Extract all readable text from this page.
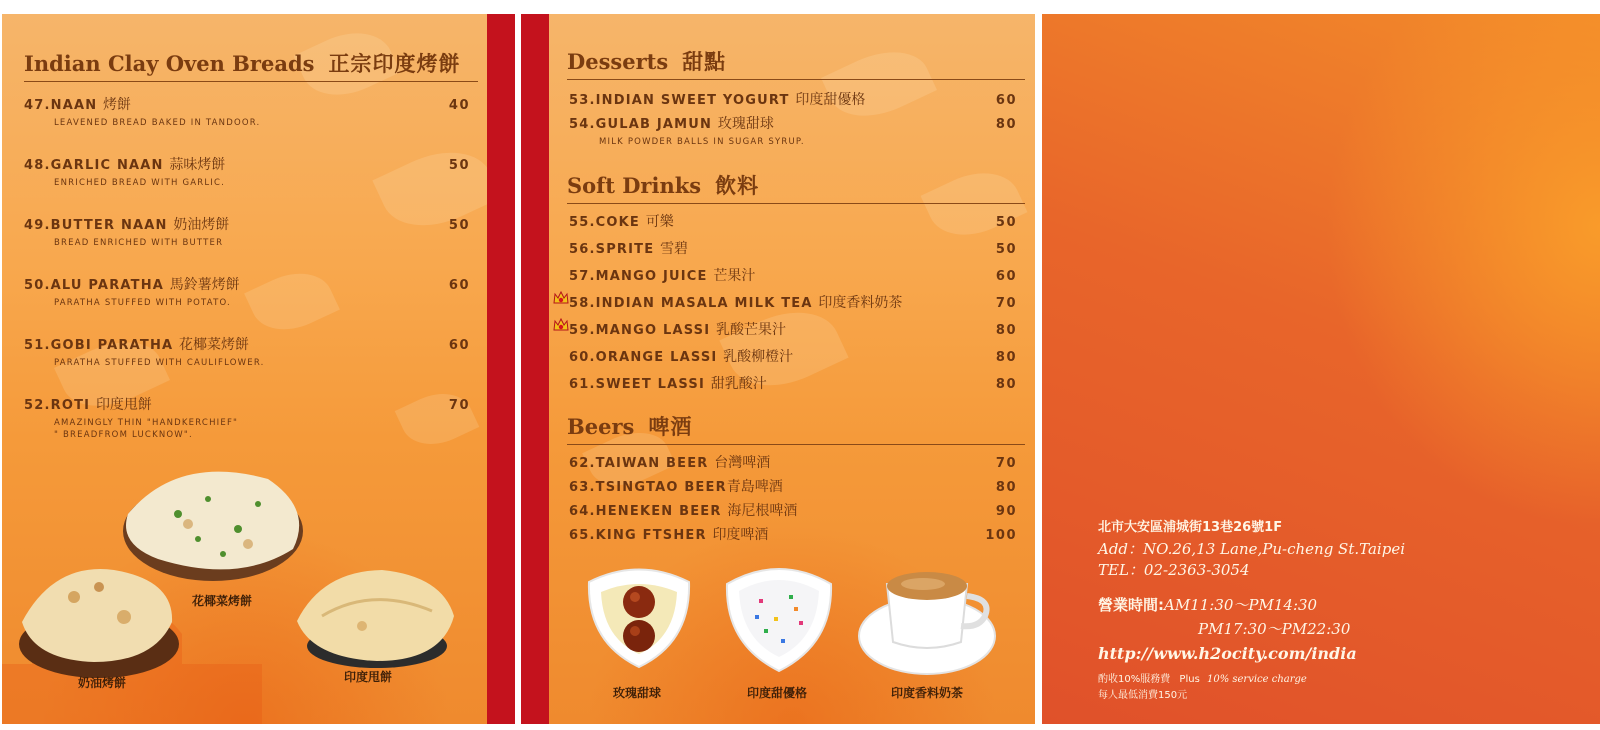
Indian Clay Oven Breads 正宗印度烤餅
47.NAAN 烤餅	40
LEAVENED BREAD BAKED IN TANDOOR.
48.GARLIC NAAN 蒜味烤餅	50
ENRICHED BREAD WITH GARLIC.
49.BUTTER NAAN 奶油烤餅	50
BREAD ENRICHED WITH BUTTER
50.ALU PARATHA 馬鈴薯烤餅	60
PARATHA STUFFED WITH POTATO.
51.GOBI PARATHA 花椰菜烤餅	60
PARATHA STUFFED WITH CAULIFLOWER.
52.ROTI 印度甩餅	70
AMAZINGLY THIN "HANDKERCHIEF"
" BREADFROM LUCKNOW".
花椰菜烤餅
奶油烤餅	印度甩餅
Desserts 甜點
53.INDIAN SWEET YOGURT 印度甜優格	60
54.GULAB JAMUN 玫瑰甜球	80
MILK POWDER BALLS IN SUGAR SYRUP.
Soft Drinks 飲料
55.COKE 可樂	50
56.SPRITE 雪碧	50
57.MANGO JUICE 芒果汁	60
58.INDIAN MASALA MILK TEA 印度香料奶茶	70
59.MANGO LASSI 乳酸芒果汁	80
60.ORANGE LASSI 乳酸柳橙汁	80
61.SWEET LASSI 甜乳酸汁	80
Beers 啤酒
62.TAIWAN BEER 台灣啤酒	70
63.TSINGTAO BEER青島啤酒	80
64.HENEKEN BEER 海尼根啤酒	90
65.KING FTSHER 印度啤酒	100
玫瑰甜球	印度甜優格	印度香料奶茶
北市大安區浦城街13巷26號1F
Add：NO.26,13 Lane,Pu-cheng St.Taipei
TEL：02-2363-3054
營業時間:AM11:30～PM14:30
PM17:30～PM22:30
http://www.h2ocity.com/india
酌收10%服務費 Plus 10% service charge
每人最低消費150元
